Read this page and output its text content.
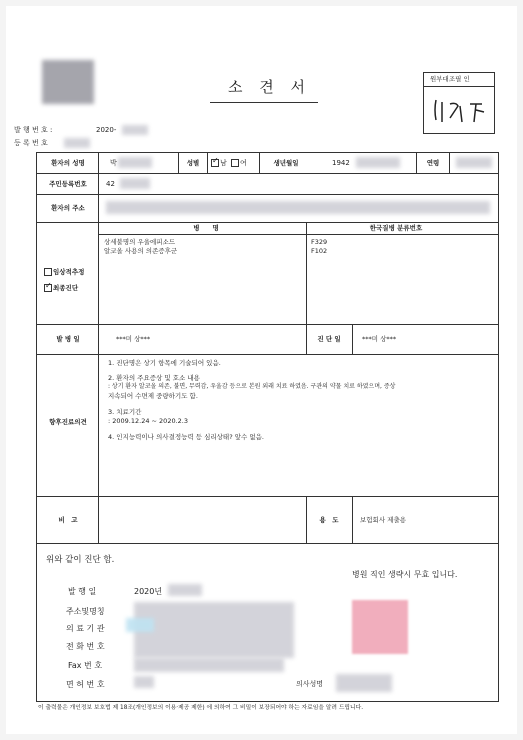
소 견 서	원부대조필 인
발 행 번 호 :	2020-
등 록 번 호
환자의 성명	박	성별
✓	남 여	생년월일	1942	연령
주민등록번호	42
환자의 주소
병　　명	한국질병 분류번호
상세불명의 우울에피소드
알코올 사용의 의존증후군
F329
F102
임상적추정
✓최종진단
발 병 일	***미 상***	진 단 일	***미 상***
향후진료의견
1. 진단명은 상기 항목에 기술되어 있음.
2. 환자의 주요증상 및 호소 내용
: 상기 환자 알코올 의존, 불면, 무력감, 우울감 등으로 본원 외래 치료 하였음. 구관의 약물 치료 하였으며, 증상
지속되어 수면제 중량하기도 함.
3. 치료기간
: 2009.12.24 ~ 2020.2.3
4. 인지능력이나 의사결정능력 등 심리상태? 앞수 없음.
비　고	용　도	보험회사 제출용
위와 같이 진단 함.
병원 직인 생략시 무효 입니다.
발 행 일	2020년
주소및명칭
의 료 기 관
전 화 번 호
Fax 번 호
면 허 번 호	의사성명
이 출력물은 개인정보 보호법 제 18조(개인정보의 이용·제공 제한) 에 의하여 그 비밀이 보장되어야 하는 자료임을 알려 드립니다.
